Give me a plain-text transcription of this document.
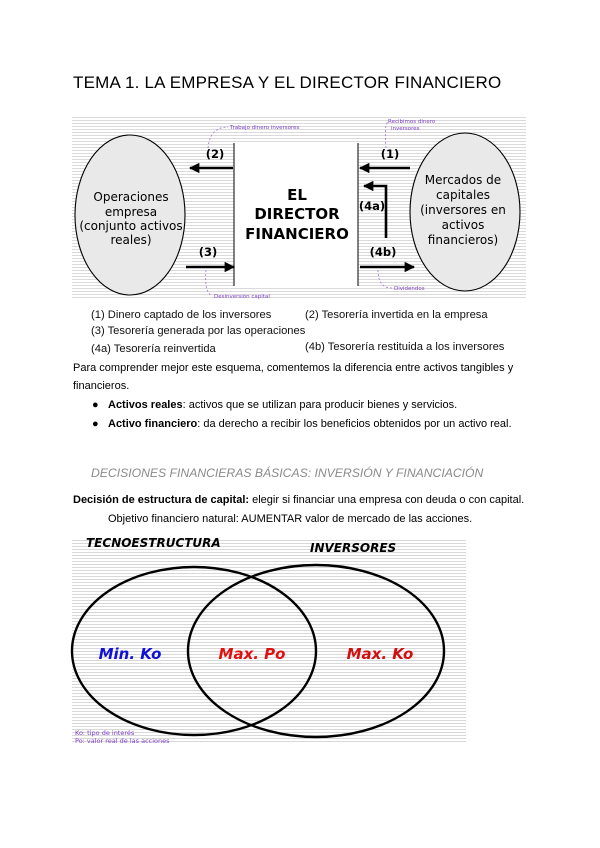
TEMA 1. LA EMPRESA Y EL DIRECTOR FINANCIERO
Operaciones
empresa
(conjunto activos
reales)
Mercados de
capitales
(inversores en
activos
financieros)
EL
DIRECTOR
FINANCIERO
(2)	(1)
(3)
(4a)
(4b)
Trabajo dinero inversores
Recibimos dinero
inversores
Desinversión capital
Dividendos
(1) Dinero captado de los inversores	(2) Tesorería invertida en la empresa
(3) Tesorería generada por las operaciones
(4a) Tesorería reinvertida	(4b) Tesorería restituida a los inversores
Para comprender mejor este esquema, comentemos la diferencia entre activos tangibles y financieros.
● Activos reales: activos que se utilizan para producir bienes y servicios.
● Activo financiero: da derecho a recibir los beneficios obtenidos por un activo real.
DECISIONES FINANCIERAS BÁSICAS: INVERSIÓN Y FINANCIACIÓN
Decisión de estructura de capital: elegir si financiar una empresa con deuda o con capital.
Objetivo financiero natural: AUMENTAR valor de mercado de las acciones.
TECNOESTRUCTURA	INVERSORES
Min. Ko	Max. Po	Max. Ko
Ko: tipo de interés
Po: valor real de las acciones
